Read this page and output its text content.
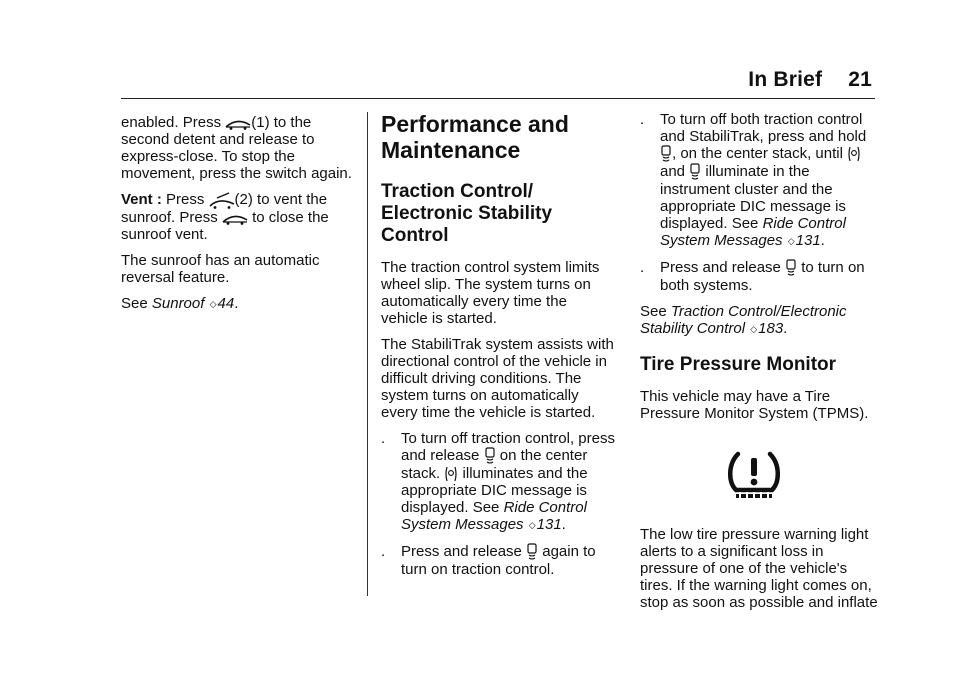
In Brief 21

enabled. Press (1) to the second detent and release to express-close. To stop the movement, press the switch again.

Vent : Press (2) to vent the sunroof. Press to close the sunroof vent.

The sunroof has an automatic reversal feature.

See Sunroof ◇44.

Performance and Maintenance
Traction Control/ Electronic Stability Control

The traction control system limits wheel slip. The system turns on automatically every time the vehicle is started.

The StabiliTrak system assists with directional control of the vehicle in difficult driving conditions. The system turns on automatically every time the vehicle is started.

.	To turn off traction control, press and release on the center stack. illuminates and the appropriate DIC message is displayed. See Ride Control System Messages ◇131.
.	Press and release again to turn on traction control.
.	To turn off both traction control and StabiliTrak, press and hold , on the center stack, until  and illuminate in the instrument cluster and the appropriate DIC message is displayed. See Ride Control System Messages ◇131.
.	Press and release to turn on both systems.

See Traction Control/Electronic Stability Control ◇183.

Tire Pressure Monitor

This vehicle may have a Tire Pressure Monitor System (TPMS).

The low tire pressure warning light alerts to a significant loss in pressure of one of the vehicle's tires. If the warning light comes on, stop as soon as possible and inflate
